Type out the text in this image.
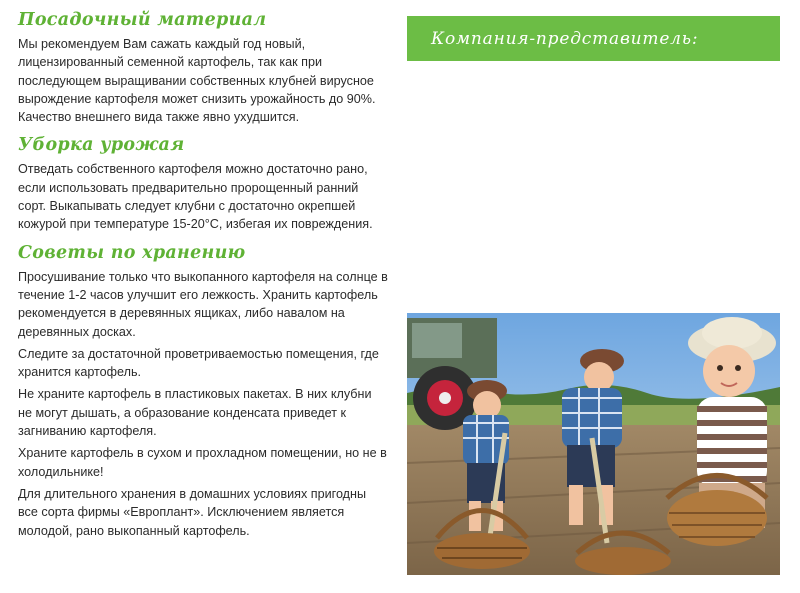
Посадочный материал

Мы рекомендуем Вам сажать каждый год новый, лицензированный семенной картофель, так как при последующем выращивании собственных клубней вирусное вырождение картофеля может снизить урожайность до 90%. Качество внешнего вида также явно ухудшится.

Уборка урожая

Отведать собственного картофеля можно достаточно рано, если использовать предварительно пророщенный ранний сорт. Выкапывать следует клубни с достаточно окрепшей кожурой при температуре 15-20°С, избегая их повреждения.

Советы по хранению

Просушивание только что выкопанного картофеля на солнце в течение 1-2 часов улучшит его лежкость. Хранить картофель рекомендуется в деревянных ящиках, либо навалом на деревянных досках.

Следите за достаточной проветриваемостью помещения, где хранится картофель.

Не храните картофель в пластиковых пакетах. В них клубни не могут дышать, а образование конденсата приведет к загниванию картофеля.

Храните картофель в сухом и прохладном помещении, но не в холодильнике!

Для длительного хранения в домашних условиях пригодны все сорта фирмы «Европлант». Исключением является молодой, рано выкопанный картофель.

Компания-представитель:
